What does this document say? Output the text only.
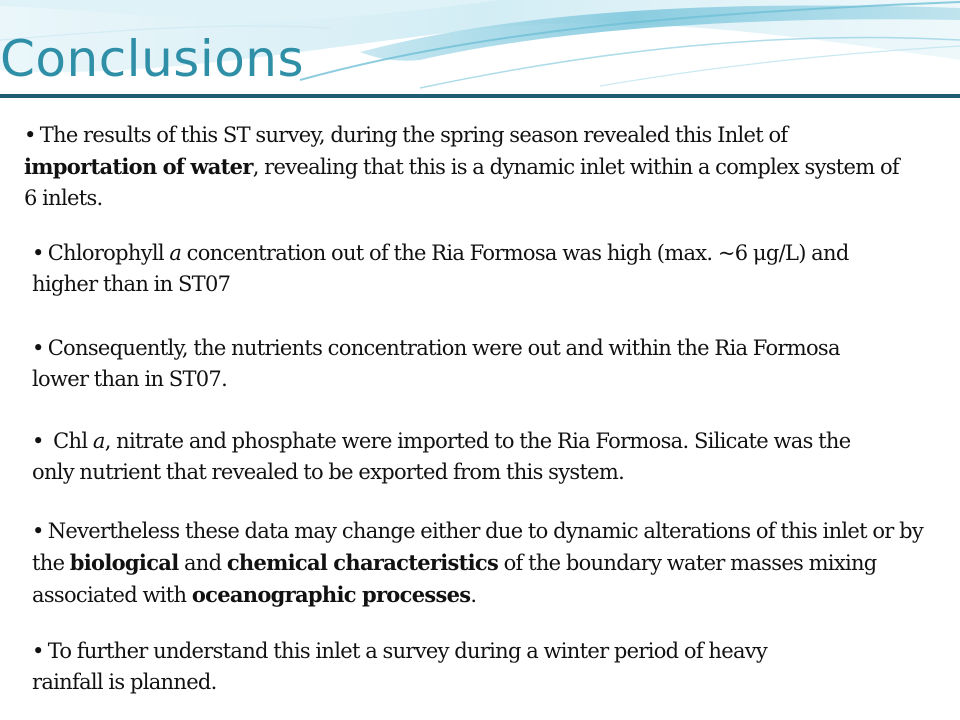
Conclusions

• The results of this ST survey, during the spring season revealed this Inlet of importation of water, revealing that this is a dynamic inlet within a complex system of 6 inlets.

• Chlorophyll a concentration out of the Ria Formosa was high (max. ~6 μg/L) and higher than in ST07

• Consequently, the nutrients concentration were out and within the Ria Formosa lower than in ST07.

• Chl a, nitrate and phosphate were imported to the Ria Formosa. Silicate was the only nutrient that revealed to be exported from this system.

• Nevertheless these data may change either due to dynamic alterations of this inlet or by the biological and chemical characteristics of the boundary water masses mixing associated with oceanographic processes.

• To further understand this inlet a survey during a winter period of heavy rainfall is planned.
